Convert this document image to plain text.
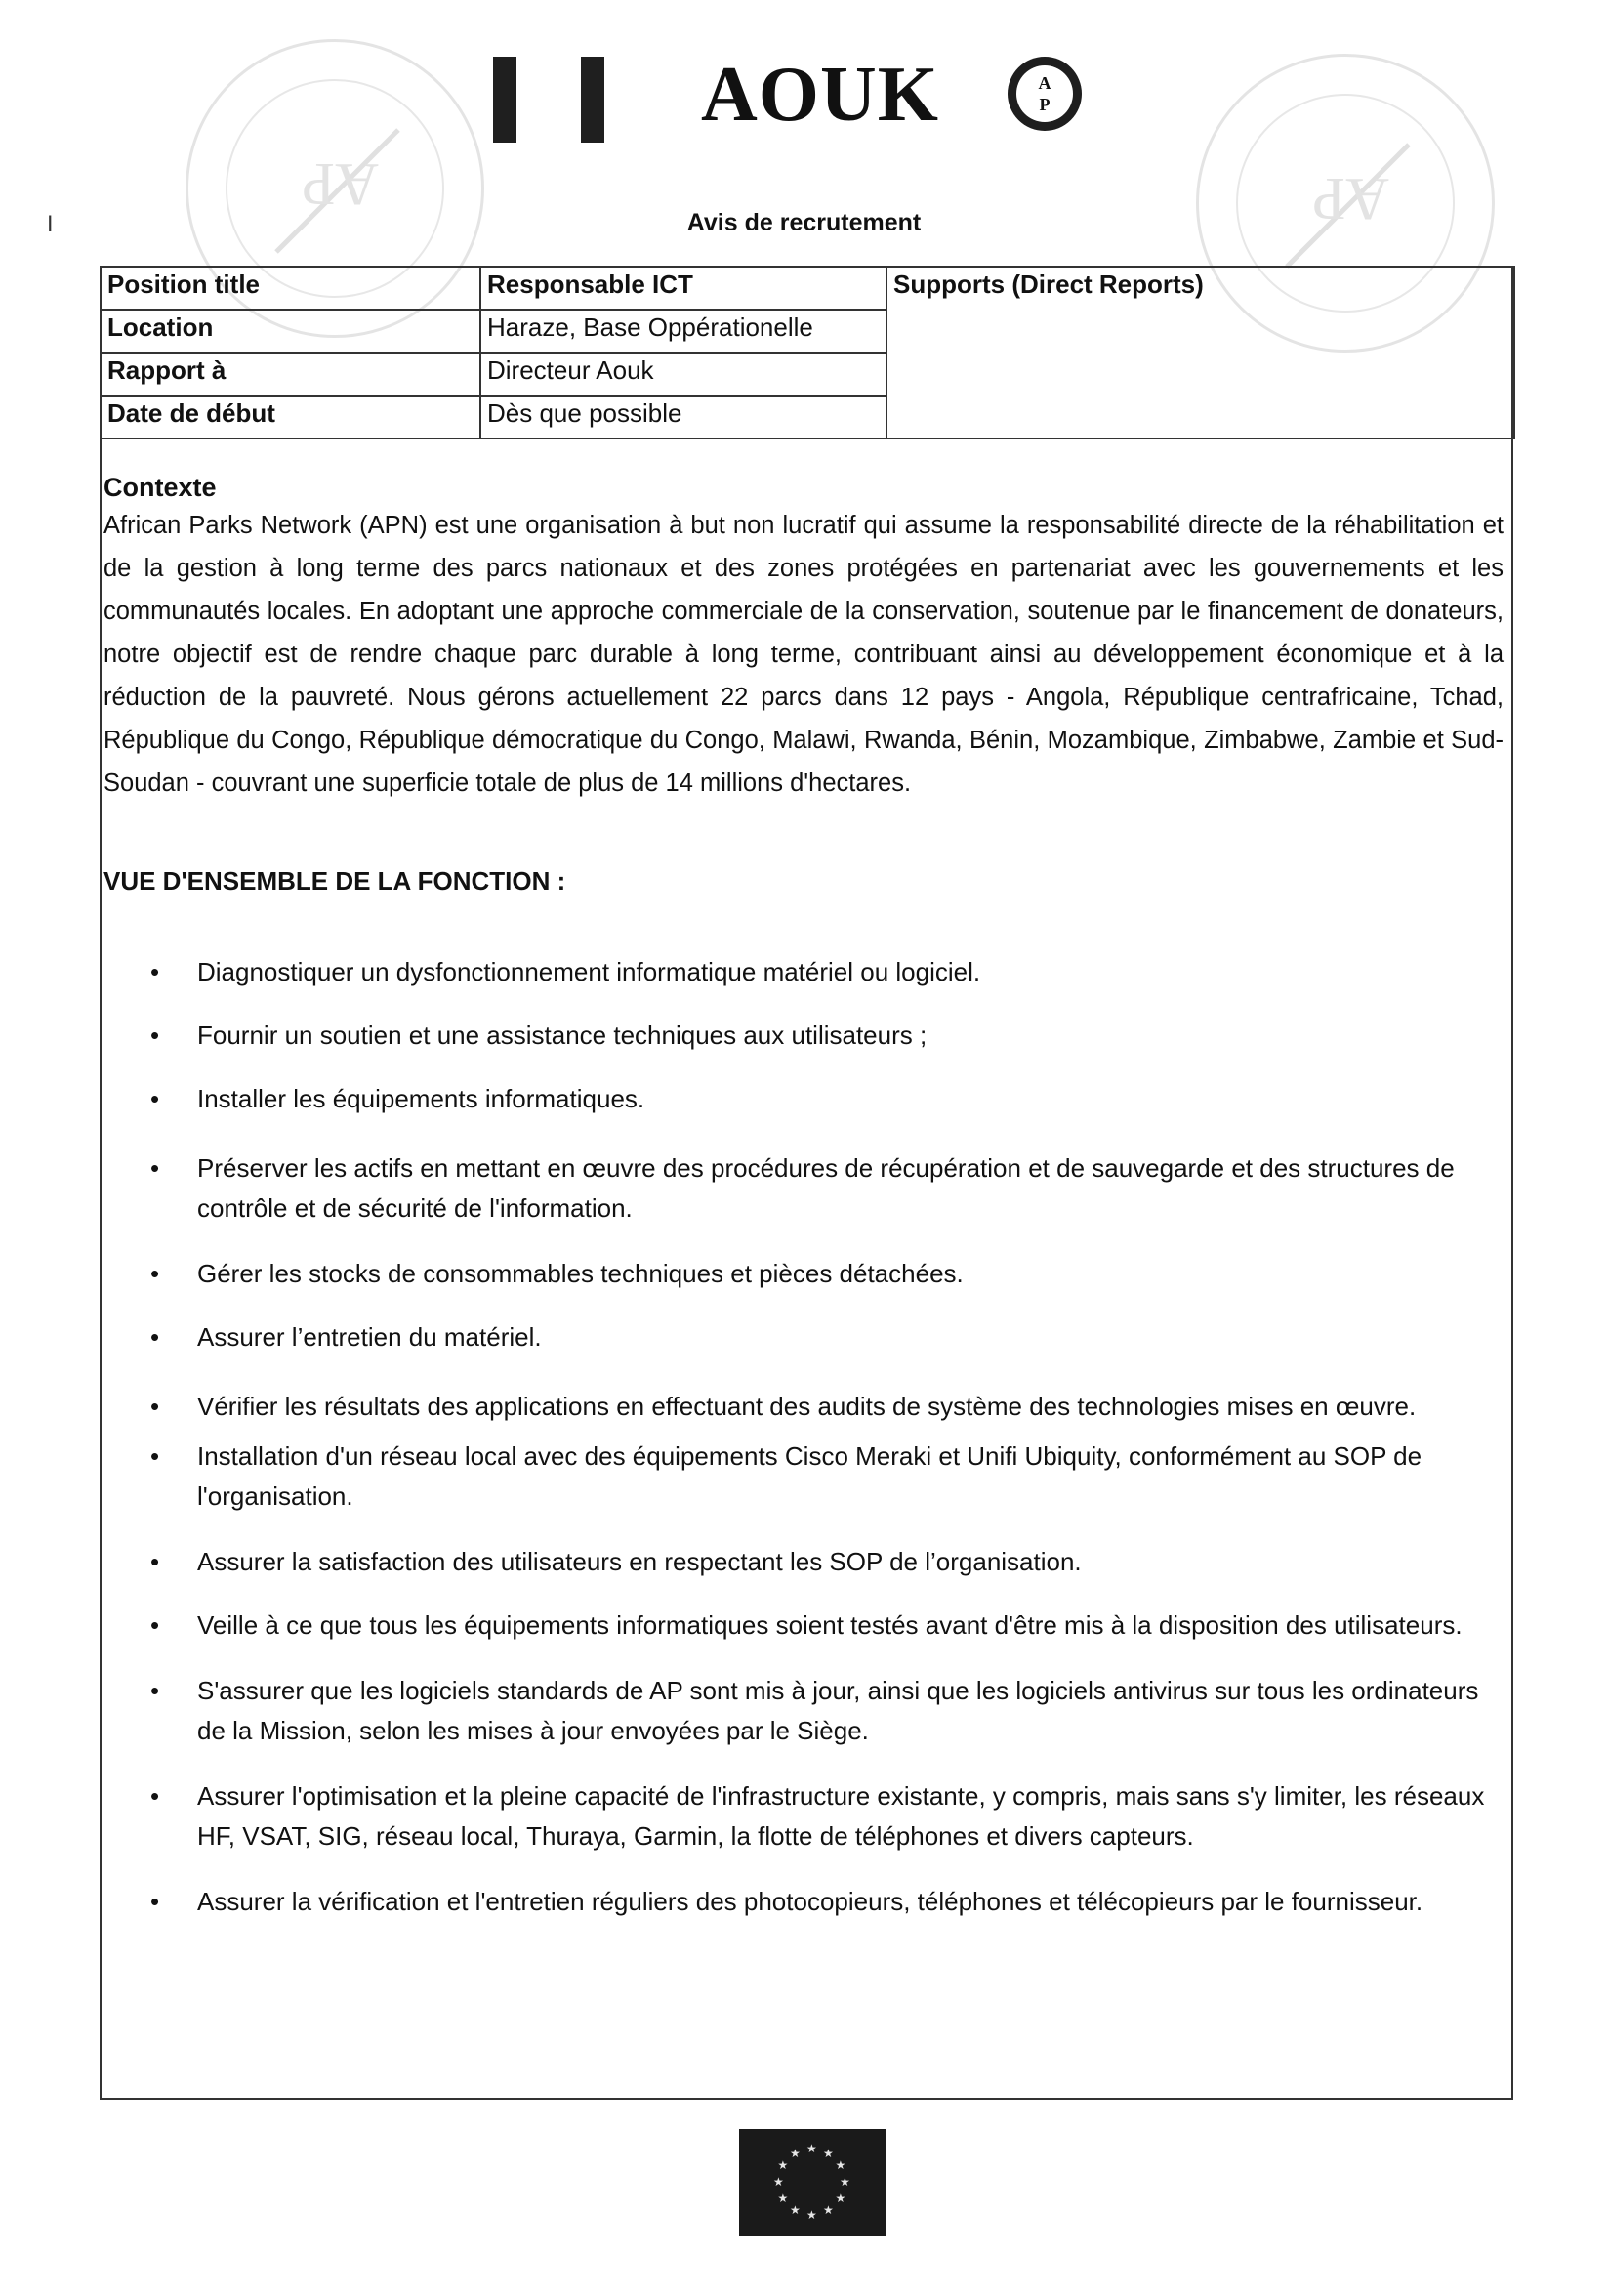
AP	AP
AOUK	A
P
I	Avis de recrutement
Position title	Responsable ICT	Supports (Direct Reports)
Location	Haraze, Base Oppérationelle	
Rapport à	Directeur Aouk	
Date de début	Dès que possible	
Contexte

African Parks Network (APN) est une organisation à but non lucratif qui assume la responsabilité directe de la réhabilitation et de la gestion à long terme des parcs nationaux et des zones protégées en partenariat avec les gouvernements et les communautés locales. En adoptant une approche commerciale de la conservation, soutenue par le financement de donateurs, notre objectif est de rendre chaque parc durable à long terme, contribuant ainsi au développement économique et à la réduction de la pauvreté. Nous gérons actuellement 22 parcs dans 12 pays - Angola, République centrafricaine, Tchad, République du Congo, République démocratique du Congo, Malawi, Rwanda, Bénin, Mozambique, Zimbabwe, Zambie et Sud-Soudan - couvrant une superficie totale de plus de 14 millions d'hectares.

VUE D'ENSEMBLE DE LA FONCTION :
• Diagnostiquer un dysfonctionnement informatique matériel ou logiciel.
• Fournir un soutien et une assistance techniques aux utilisateurs ;
• Installer les équipements informatiques.
• Préserver les actifs en mettant en œuvre des procédures de récupération et de sauvegarde et des structures de contrôle et de sécurité de l'information.
• Gérer les stocks de consommables techniques et pièces détachées.
• Assurer l’entretien du matériel.
• Vérifier les résultats des applications en effectuant des audits de système des technologies mises en œuvre.
• Installation d'un réseau local avec des équipements Cisco Meraki et Unifi Ubiquity, conformément au SOP de l'organisation.
• Assurer la satisfaction des utilisateurs en respectant les SOP de l’organisation.
• Veille à ce que tous les équipements informatiques soient testés avant d'être mis à la disposition des utilisateurs.
• S'assurer que les logiciels standards de AP sont mis à jour, ainsi que les logiciels antivirus sur tous les ordinateurs de la Mission, selon les mises à jour envoyées par le Siège.
• Assurer l'optimisation et la pleine capacité de l'infrastructure existante, y compris, mais sans s'y limiter, les réseaux HF, VSAT, SIG, réseau local, Thuraya, Garmin, la flotte de téléphones et divers capteurs.
• Assurer la vérification et l'entretien réguliers des photocopieurs, téléphones et télécopieurs par le fournisseur.
★ ★
★
★
★
★
★
★
★
★
★
★
